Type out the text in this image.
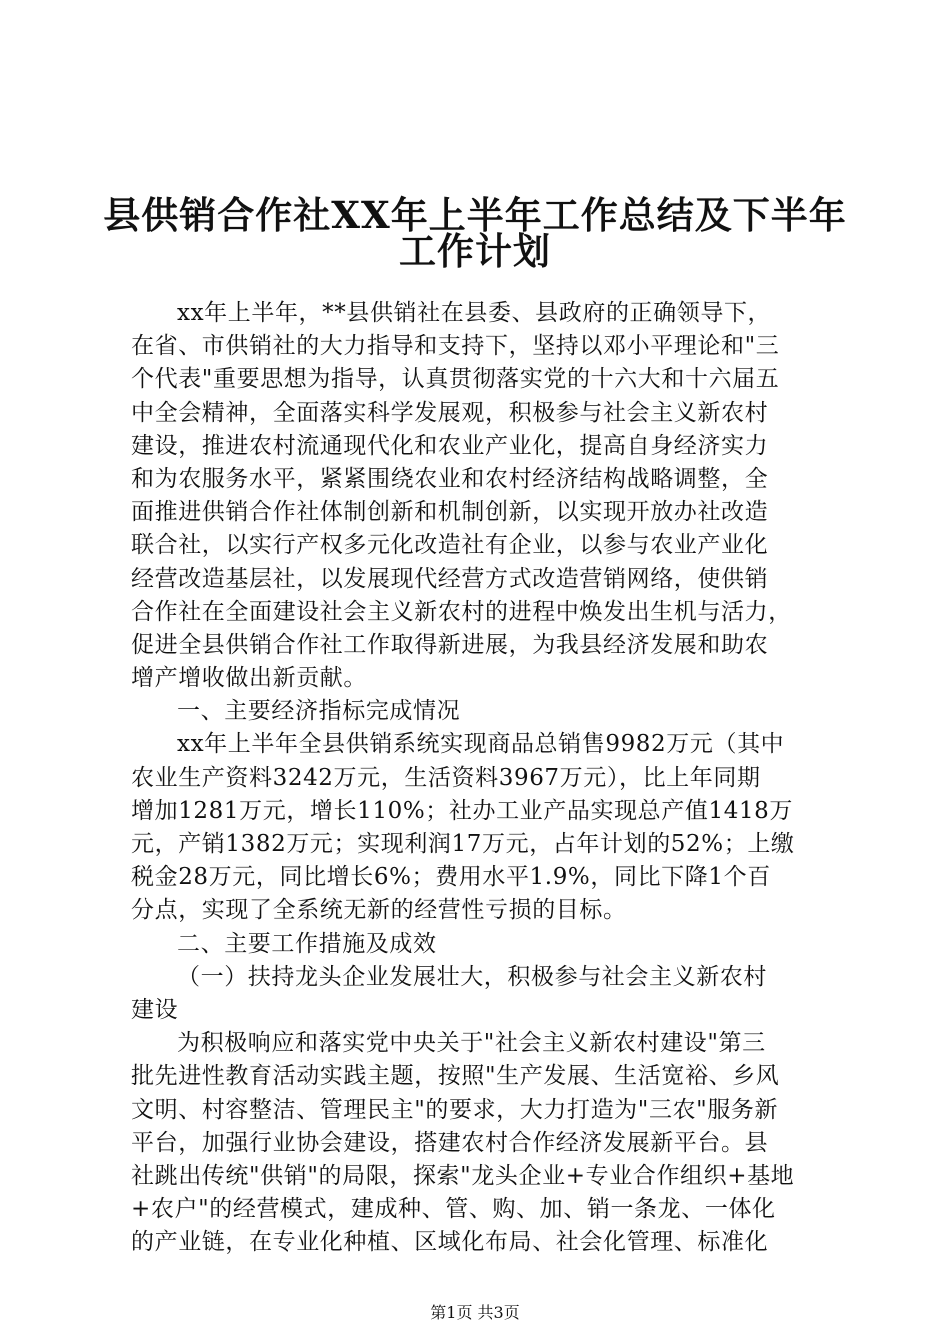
县供销合作社XX年上半年工作总结及下半年
工作计划
xx年上半年，**县供销社在县委、县政府的正确领导下，
在省、市供销社的大力指导和支持下，坚持以邓小平理论和"三
个代表"重要思想为指导，认真贯彻落实党的十六大和十六届五
中全会精神，全面落实科学发展观，积极参与社会主义新农村
建设，推进农村流通现代化和农业产业化，提高自身经济实力
和为农服务水平，紧紧围绕农业和农村经济结构战略调整，全
面推进供销合作社体制创新和机制创新，以实现开放办社改造
联合社，以实行产权多元化改造社有企业，以参与农业产业化
经营改造基层社，以发展现代经营方式改造营销网络，使供销
合作社在全面建设社会主义新农村的进程中焕发出生机与活力，
促进全县供销合作社工作取得新进展，为我县经济发展和助农
增产增收做出新贡献。
一、主要经济指标完成情况
xx年上半年全县供销系统实现商品总销售9982万元（其中
农业生产资料3242万元，生活资料3967万元），比上年同期
增加1281万元，增长110%；社办工业产品实现总产值1418万
元，产销1382万元；实现利润17万元，占年计划的52%；上缴
税金28万元，同比增长6%；费用水平1.9%，同比下降1个百
分点，实现了全系统无新的经营性亏损的目标。
二、主要工作措施及成效
（一）扶持龙头企业发展壮大，积极参与社会主义新农村
建设
为积极响应和落实党中央关于"社会主义新农村建设"第三
批先进性教育活动实践主题，按照"生产发展、生活宽裕、乡风
文明、村容整洁、管理民主"的要求，大力打造为"三农"服务新
平台，加强行业协会建设，搭建农村合作经济发展新平台。县
社跳出传统"供销"的局限，探索"龙头企业+专业合作组织+基地
+农户"的经营模式，建成种、管、购、加、销一条龙、一体化
的产业链，在专业化种植、区域化布局、社会化管理、标准化
第1页 共3页
